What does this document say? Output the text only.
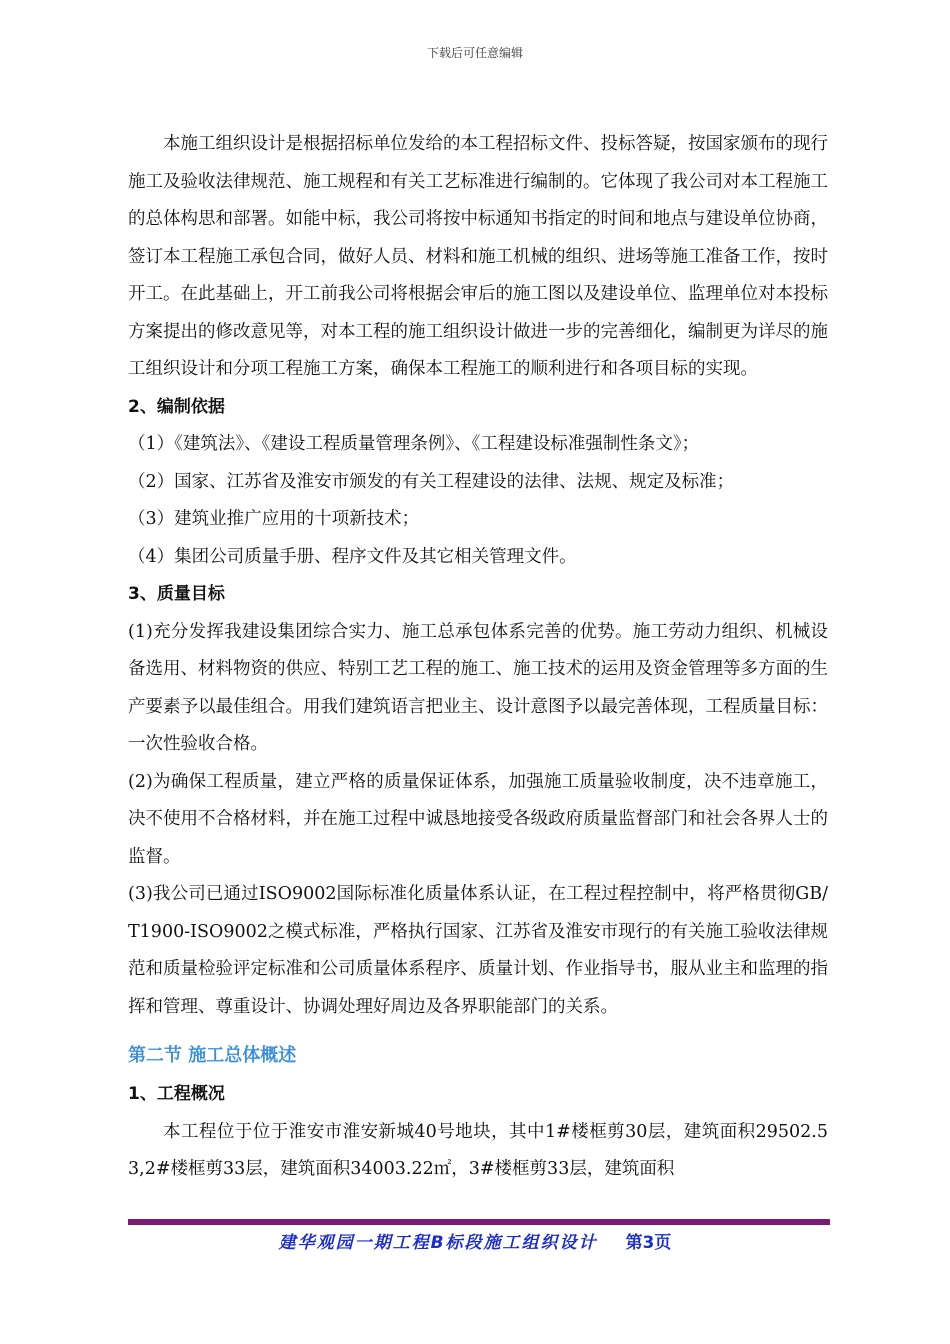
下载后可任意编辑

本施工组织设计是根据招标单位发给的本工程招标文件、投标答疑，按国家颁布的现行施工及验收法律规范、施工规程和有关工艺标准进行编制的。它体现了我公司对本工程施工的总体构思和部署。如能中标，我公司将按中标通知书指定的时间和地点与建设单位协商，签订本工程施工承包合同，做好人员、材料和施工机械的组织、进场等施工准备工作，按时开工。在此基础上，开工前我公司将根据会审后的施工图以及建设单位、监理单位对本投标方案提出的修改意见等，对本工程的施工组织设计做进一步的完善细化，编制更为详尽的施工组织设计和分项工程施工方案，确保本工程施工的顺利进行和各项目标的实现。

2、编制依据

（1）《建筑法》、《建设工程质量管理条例》、《工程建设标准强制性条文》；

（2）国家、江苏省及淮安市颁发的有关工程建设的法律、法规、规定及标准；

（3）建筑业推广应用的十项新技术；

（4）集团公司质量手册、程序文件及其它相关管理文件。

3、质量目标

(1)充分发挥我建设集团综合实力、施工总承包体系完善的优势。施工劳动力组织、机械设备选用、材料物资的供应、特别工艺工程的施工、施工技术的运用及资金管理等多方面的生产要素予以最佳组合。用我们建筑语言把业主、设计意图予以最完善体现，工程质量目标：一次性验收合格。

(2)为确保工程质量，建立严格的质量保证体系，加强施工质量验收制度，决不违章施工，决不使用不合格材料，并在施工过程中诚恳地接受各级政府质量监督部门和社会各界人士的监督。

(3)我公司已通过ISO9002国际标准化质量体系认证，在工程过程控制中，将严格贯彻GB/T1900-ISO9002之模式标准，严格执行国家、江苏省及淮安市现行的有关施工验收法律规范和质量检验评定标准和公司质量体系程序、质量计划、作业指导书，服从业主和监理的指挥和管理、尊重设计、协调处理好周边及各界职能部门的关系。

第二节 施工总体概述

1、工程概况

本工程位于位于淮安市淮安新城40号地块，其中1#楼框剪30层，建筑面积29502.53,2#楼框剪33层，建筑面积34003.22㎡，3#楼框剪33层，建筑面积

建华观园一期工程B标段施工组织设计 第3页
